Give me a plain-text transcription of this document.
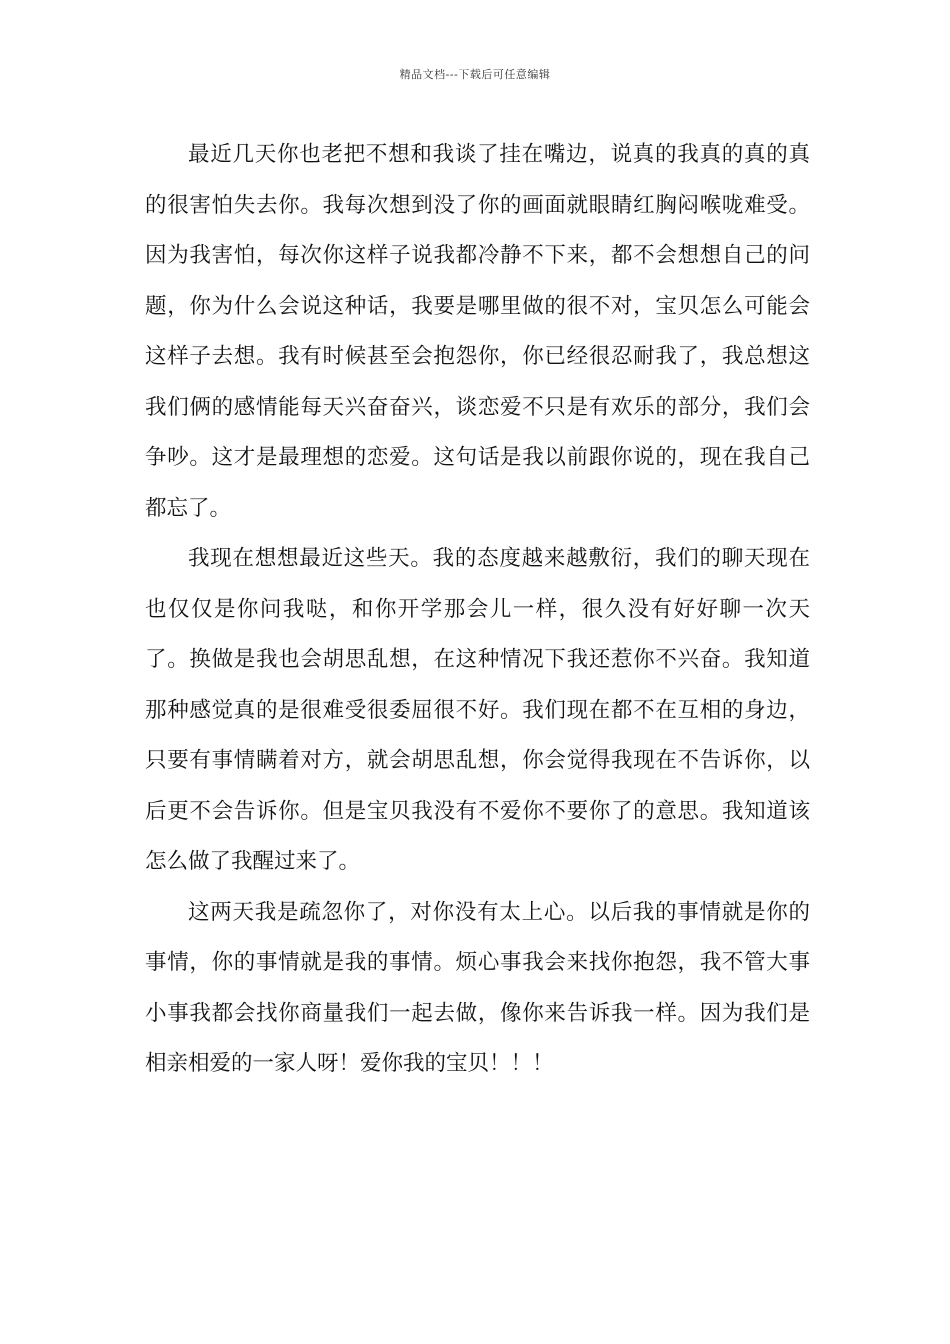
精品文档---下载后可任意编辑

最近几天你也老把不想和我谈了挂在嘴边，说真的我真的真的真的很害怕失去你。我每次想到没了你的画面就眼睛红胸闷喉咙难受。因为我害怕，每次你这样子说我都冷静不下来，都不会想想自己的问题，你为什么会说这种话，我要是哪里做的很不对，宝贝怎么可能会这样子去想。我有时候甚至会抱怨你，你已经很忍耐我了，我总想这我们俩的感情能每天兴奋奋兴，谈恋爱不只是有欢乐的部分，我们会争吵。这才是最理想的恋爱。这句话是我以前跟你说的，现在我自己都忘了。

我现在想想最近这些天。我的态度越来越敷衍，我们的聊天现在也仅仅是你问我哒，和你开学那会儿一样，很久没有好好聊一次天了。换做是我也会胡思乱想，在这种情况下我还惹你不兴奋。我知道那种感觉真的是很难受很委屈很不好。我们现在都不在互相的身边，只要有事情瞒着对方，就会胡思乱想，你会觉得我现在不告诉你，以后更不会告诉你。但是宝贝我没有不爱你不要你了的意思。我知道该怎么做了我醒过来了。

这两天我是疏忽你了，对你没有太上心。以后我的事情就是你的事情，你的事情就是我的事情。烦心事我会来找你抱怨，我不管大事小事我都会找你商量我们一起去做，像你来告诉我一样。因为我们是相亲相爱的一家人呀！爱你我的宝贝！！！
